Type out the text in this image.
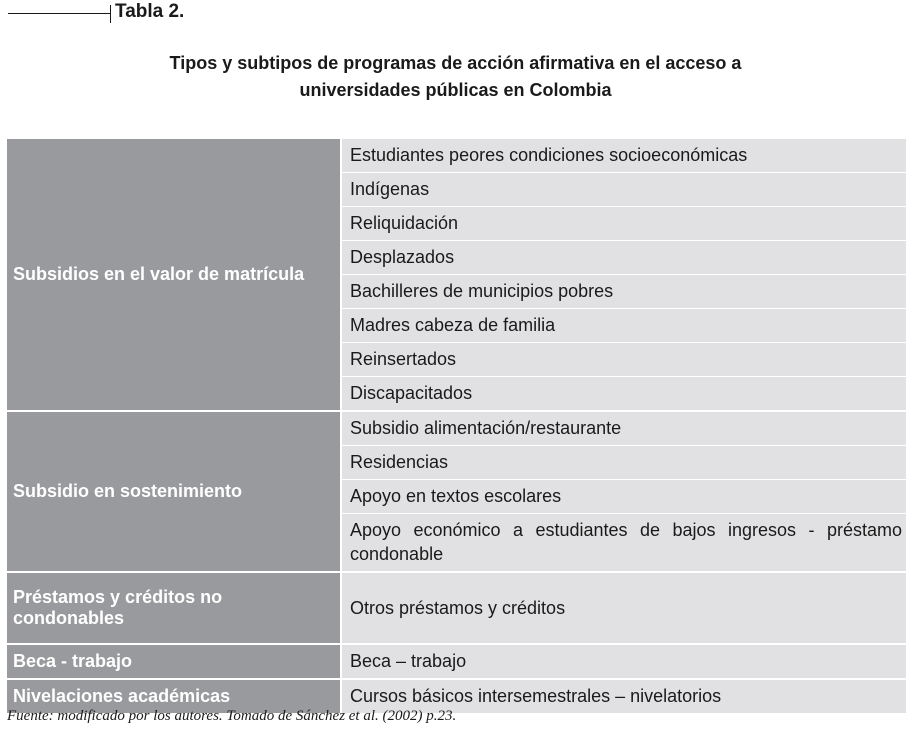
Tabla 2.
Tipos y subtipos de programas de acción afirmativa en el acceso a
universidades públicas en Colombia
Subsidios en el valor de matrícula
Estudiantes peores condiciones socioeconómicas
Indígenas
Reliquidación
Desplazados
Bachilleres de municipios pobres
Madres cabeza de familia
Reinsertados
Discapacitados
Subsidio en sostenimiento
Subsidio alimentación/restaurante
Residencias
Apoyo en textos escolares
Apoyo económico a estudiantes de bajos ingresos - préstamo condonable
Préstamos y créditos no condonables
Otros préstamos y créditos
Beca - trabajo	Beca – trabajo
Nivelaciones académicas	Cursos básicos intersemestrales – nivelatorios
Fuente: modificado por los autores. Tomado de Sánchez et al. (2002) p.23.
